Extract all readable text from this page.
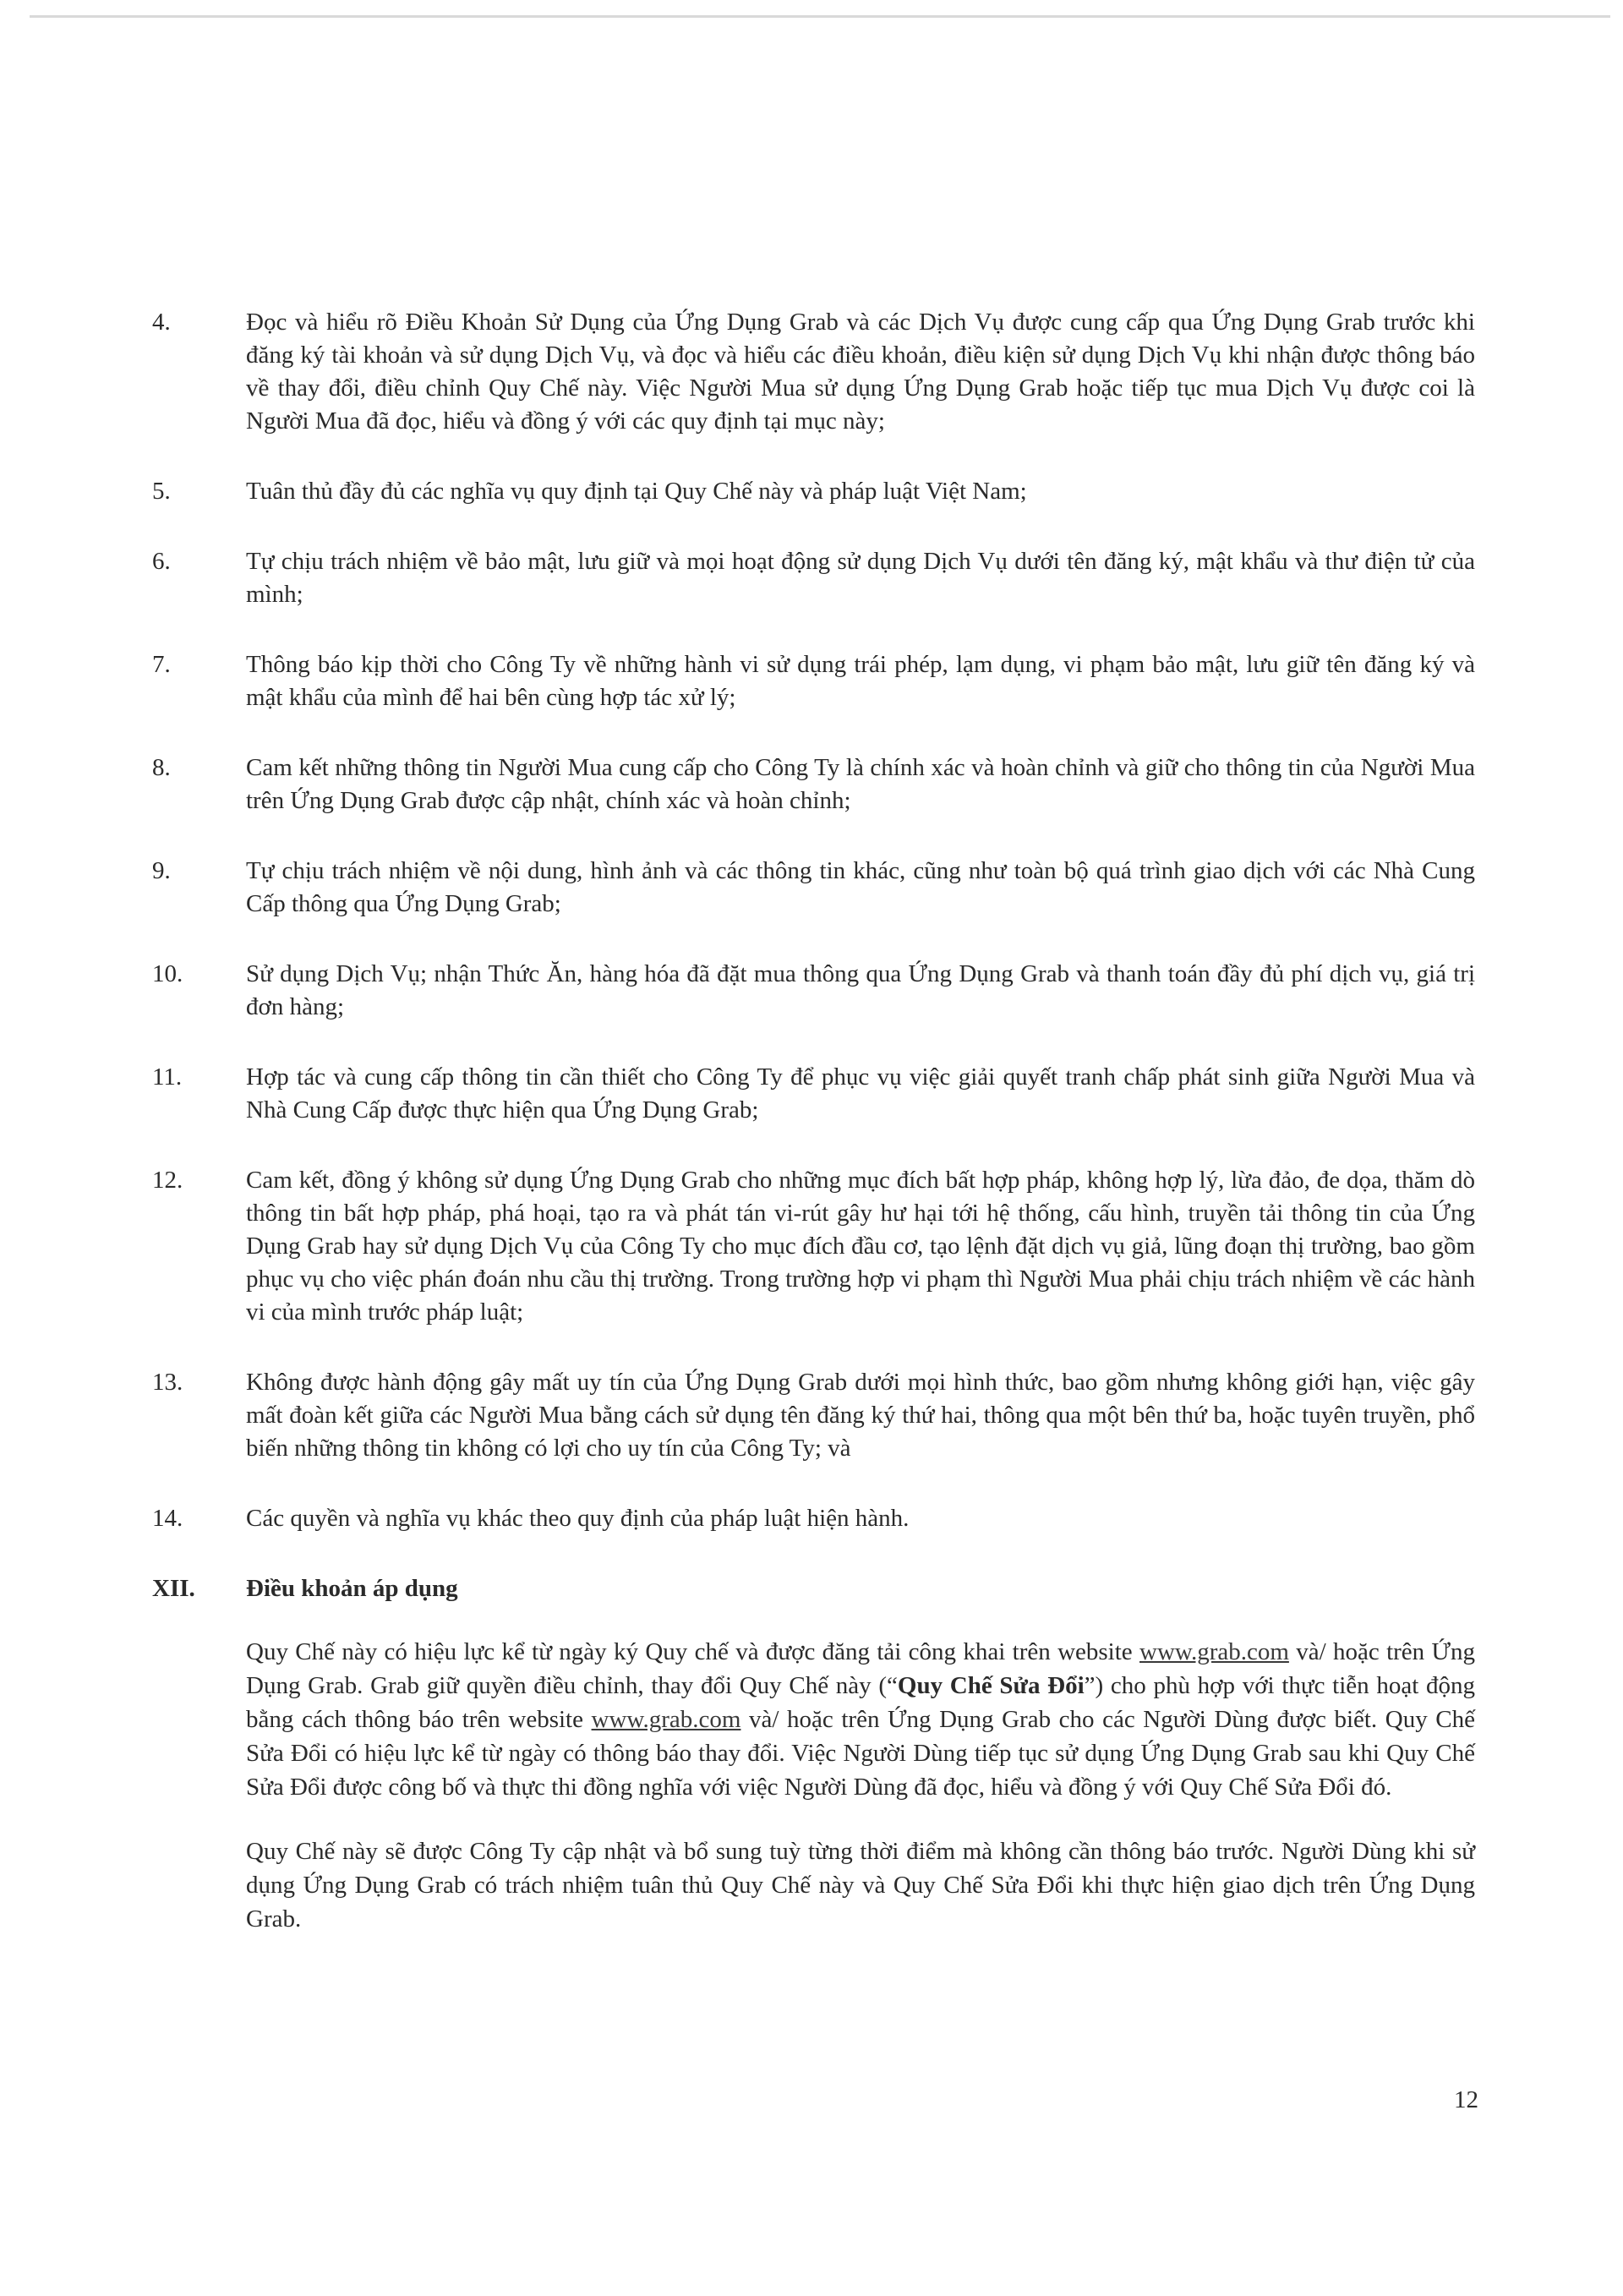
4.	Đọc và hiểu rõ Điều Khoản Sử Dụng của Ứng Dụng Grab và các Dịch Vụ được cung cấp qua Ứng Dụng Grab trước khi đăng ký tài khoản và sử dụng Dịch Vụ, và đọc và hiểu các điều khoản, điều kiện sử dụng Dịch Vụ khi nhận được thông báo về thay đổi, điều chỉnh Quy Chế này. Việc Người Mua sử dụng Ứng Dụng Grab hoặc tiếp tục mua Dịch Vụ được coi là Người Mua đã đọc, hiểu và đồng ý với các quy định tại mục này;
5.	Tuân thủ đầy đủ các nghĩa vụ quy định tại Quy Chế này và pháp luật Việt Nam;
6.	Tự chịu trách nhiệm về bảo mật, lưu giữ và mọi hoạt động sử dụng Dịch Vụ dưới tên đăng ký, mật khẩu và thư điện tử của mình;
7.	Thông báo kịp thời cho Công Ty về những hành vi sử dụng trái phép, lạm dụng, vi phạm bảo mật, lưu giữ tên đăng ký và mật khẩu của mình để hai bên cùng hợp tác xử lý;
8.	Cam kết những thông tin Người Mua cung cấp cho Công Ty là chính xác và hoàn chỉnh và giữ cho thông tin của Người Mua trên Ứng Dụng Grab được cập nhật, chính xác và hoàn chỉnh;
9.	Tự chịu trách nhiệm về nội dung, hình ảnh và các thông tin khác, cũng như toàn bộ quá trình giao dịch với các Nhà Cung Cấp thông qua Ứng Dụng Grab;
10.	Sử dụng Dịch Vụ; nhận Thức Ăn, hàng hóa đã đặt mua thông qua Ứng Dụng Grab và thanh toán đầy đủ phí dịch vụ, giá trị đơn hàng;
11.	Hợp tác và cung cấp thông tin cần thiết cho Công Ty để phục vụ việc giải quyết tranh chấp phát sinh giữa Người Mua và Nhà Cung Cấp được thực hiện qua Ứng Dụng Grab;
12.	Cam kết, đồng ý không sử dụng Ứng Dụng Grab cho những mục đích bất hợp pháp, không hợp lý, lừa đảo, đe dọa, thăm dò thông tin bất hợp pháp, phá hoại, tạo ra và phát tán vi-rút gây hư hại tới hệ thống, cấu hình, truyền tải thông tin của Ứng Dụng Grab hay sử dụng Dịch Vụ của Công Ty cho mục đích đầu cơ, tạo lệnh đặt dịch vụ giả, lũng đoạn thị trường, bao gồm phục vụ cho việc phán đoán nhu cầu thị trường. Trong trường hợp vi phạm thì Người Mua phải chịu trách nhiệm về các hành vi của mình trước pháp luật;
13.	Không được hành động gây mất uy tín của Ứng Dụng Grab dưới mọi hình thức, bao gồm nhưng không giới hạn, việc gây mất đoàn kết giữa các Người Mua bằng cách sử dụng tên đăng ký thứ hai, thông qua một bên thứ ba, hoặc tuyên truyền, phổ biến những thông tin không có lợi cho uy tín của Công Ty; và
14.	Các quyền và nghĩa vụ khác theo quy định của pháp luật hiện hành.
XII. Điều khoản áp dụng
Quy Chế này có hiệu lực kể từ ngày ký Quy chế và được đăng tải công khai trên website www.grab.com và/ hoặc trên Ứng Dụng Grab. Grab giữ quyền điều chỉnh, thay đổi Quy Chế này (“Quy Chế Sửa Đổi”) cho phù hợp với thực tiễn hoạt động bằng cách thông báo trên website www.grab.com và/ hoặc trên Ứng Dụng Grab cho các Người Dùng được biết. Quy Chế Sửa Đổi có hiệu lực kể từ ngày có thông báo thay đổi. Việc Người Dùng tiếp tục sử dụng Ứng Dụng Grab sau khi Quy Chế Sửa Đổi được công bố và thực thi đồng nghĩa với việc Người Dùng đã đọc, hiểu và đồng ý với Quy Chế Sửa Đổi đó.
Quy Chế này sẽ được Công Ty cập nhật và bổ sung tuỳ từng thời điểm mà không cần thông báo trước. Người Dùng khi sử dụng Ứng Dụng Grab có trách nhiệm tuân thủ Quy Chế này và Quy Chế Sửa Đổi khi thực hiện giao dịch trên Ứng Dụng Grab.
12
